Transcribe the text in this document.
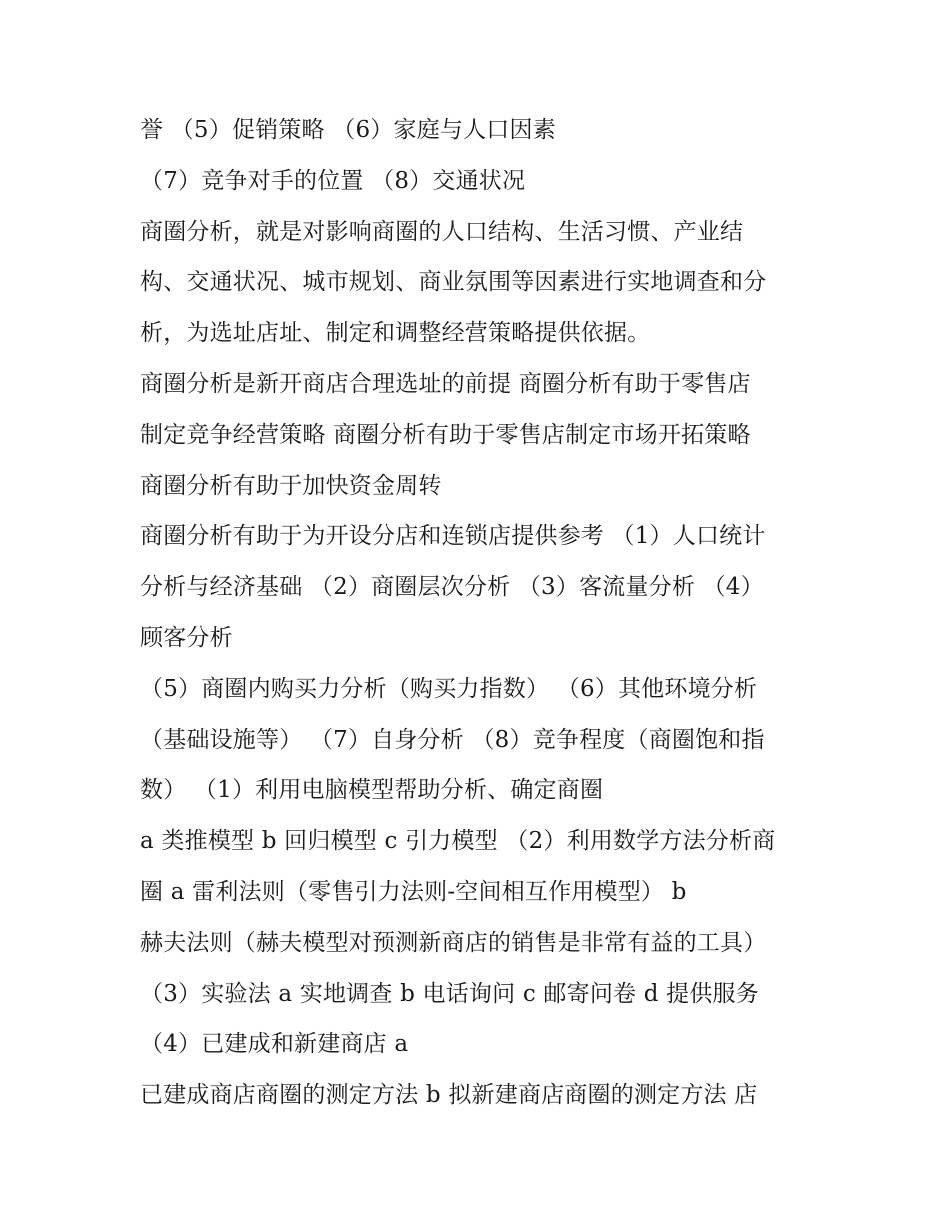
誉 （5）促销策略 （6）家庭与人口因素
（7）竞争对手的位置 （8）交通状况
商圈分析，就是对影响商圈的人口结构、生活习惯、产业结
构、交通状况、城市规划、商业氛围等因素进行实地调查和分
析，为选址店址、制定和调整经营策略提供依据。
商圈分析是新开商店合理选址的前提 商圈分析有助于零售店
制定竞争经营策略 商圈分析有助于零售店制定市场开拓策略
商圈分析有助于加快资金周转
商圈分析有助于为开设分店和连锁店提供参考 （1）人口统计
分析与经济基础 （2）商圈层次分析 （3）客流量分析 （4）
顾客分析
（5）商圈内购买力分析（购买力指数） （6）其他环境分析
（基础设施等） （7）自身分析 （8）竞争程度（商圈饱和指
数） （1）利用电脑模型帮助分析、确定商圈
a 类推模型 b 回归模型 c 引力模型 （2）利用数学方法分析商
圈 a 雷利法则（零售引力法则-空间相互作用模型） b
赫夫法则（赫夫模型对预测新商店的销售是非常有益的工具）
（3）实验法 a 实地调查 b 电话询问 c 邮寄问卷 d 提供服务
（4）已建成和新建商店 a
已建成商店商圈的测定方法 b 拟新建商店商圈的测定方法 店
